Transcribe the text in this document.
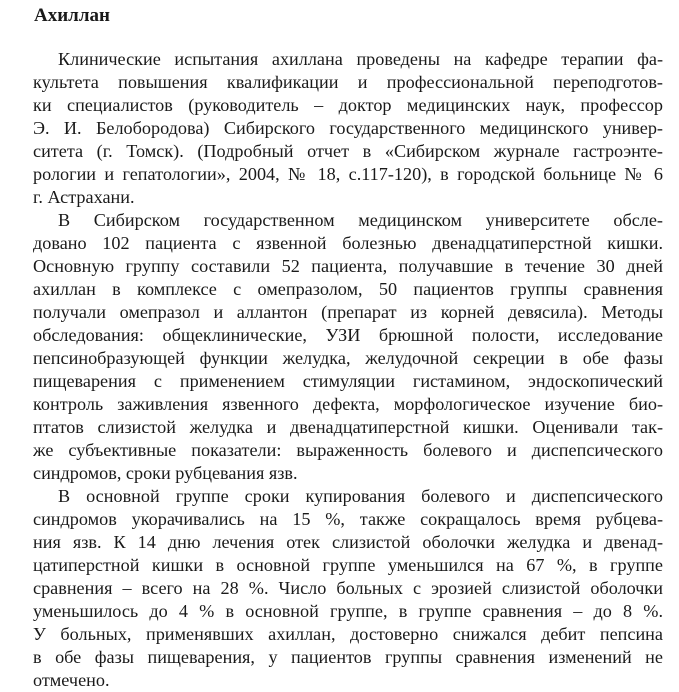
Ахиллан
Клинические испытания ахиллана проведены на кафедре терапии фа-
культета повышения квалификации и профессиональной переподготов-
ки специалистов (руководитель – доктор медицинских наук, профессор
Э. И. Белобородова) Сибирского государственного медицинского универ-
ситета (г. Томск). (Подробный отчет в «Сибирском журнале гастроэнте-
рологии и гепатологии», 2004, № 18, с.117-120), в городской больнице № 6
г. Астрахани.
В Сибирском государственном медицинском университете обсле-
довано 102 пациента с язвенной болезнью двенадцатиперстной кишки.
Основную группу составили 52 пациента, получавшие в течение 30 дней
ахиллан в комплексе с омепразолом, 50 пациентов группы сравнения
получали омепразол и аллантон (препарат из корней девясила). Методы
обследования: общеклинические, УЗИ брюшной полости, исследование
пепсинобразующей функции желудка, желудочной секреции в обе фазы
пищеварения с применением стимуляции гистамином, эндоскопический
контроль заживления язвенного дефекта, морфологическое изучение био-
птатов слизистой желудка и двенадцатиперстной кишки. Оценивали так-
же субъективные показатели: выраженность болевого и диспепсического
синдромов, сроки рубцевания язв.
В основной группе сроки купирования болевого и диспепсического
синдромов укорачивались на 15 %, также сокращалось время рубцева-
ния язв. К 14 дню лечения отек слизистой оболочки желудка и двенад-
цатиперстной кишки в основной группе уменьшился на 67 %, в группе
сравнения – всего на 28 %. Число больных с эрозией слизистой оболочки
уменьшилось до 4 % в основной группе, в группе сравнения – до 8 %.
У больных, применявших ахиллан, достоверно снижался дебит пепсина
в обе фазы пищеварения, у пациентов группы сравнения изменений не
отмечено.
